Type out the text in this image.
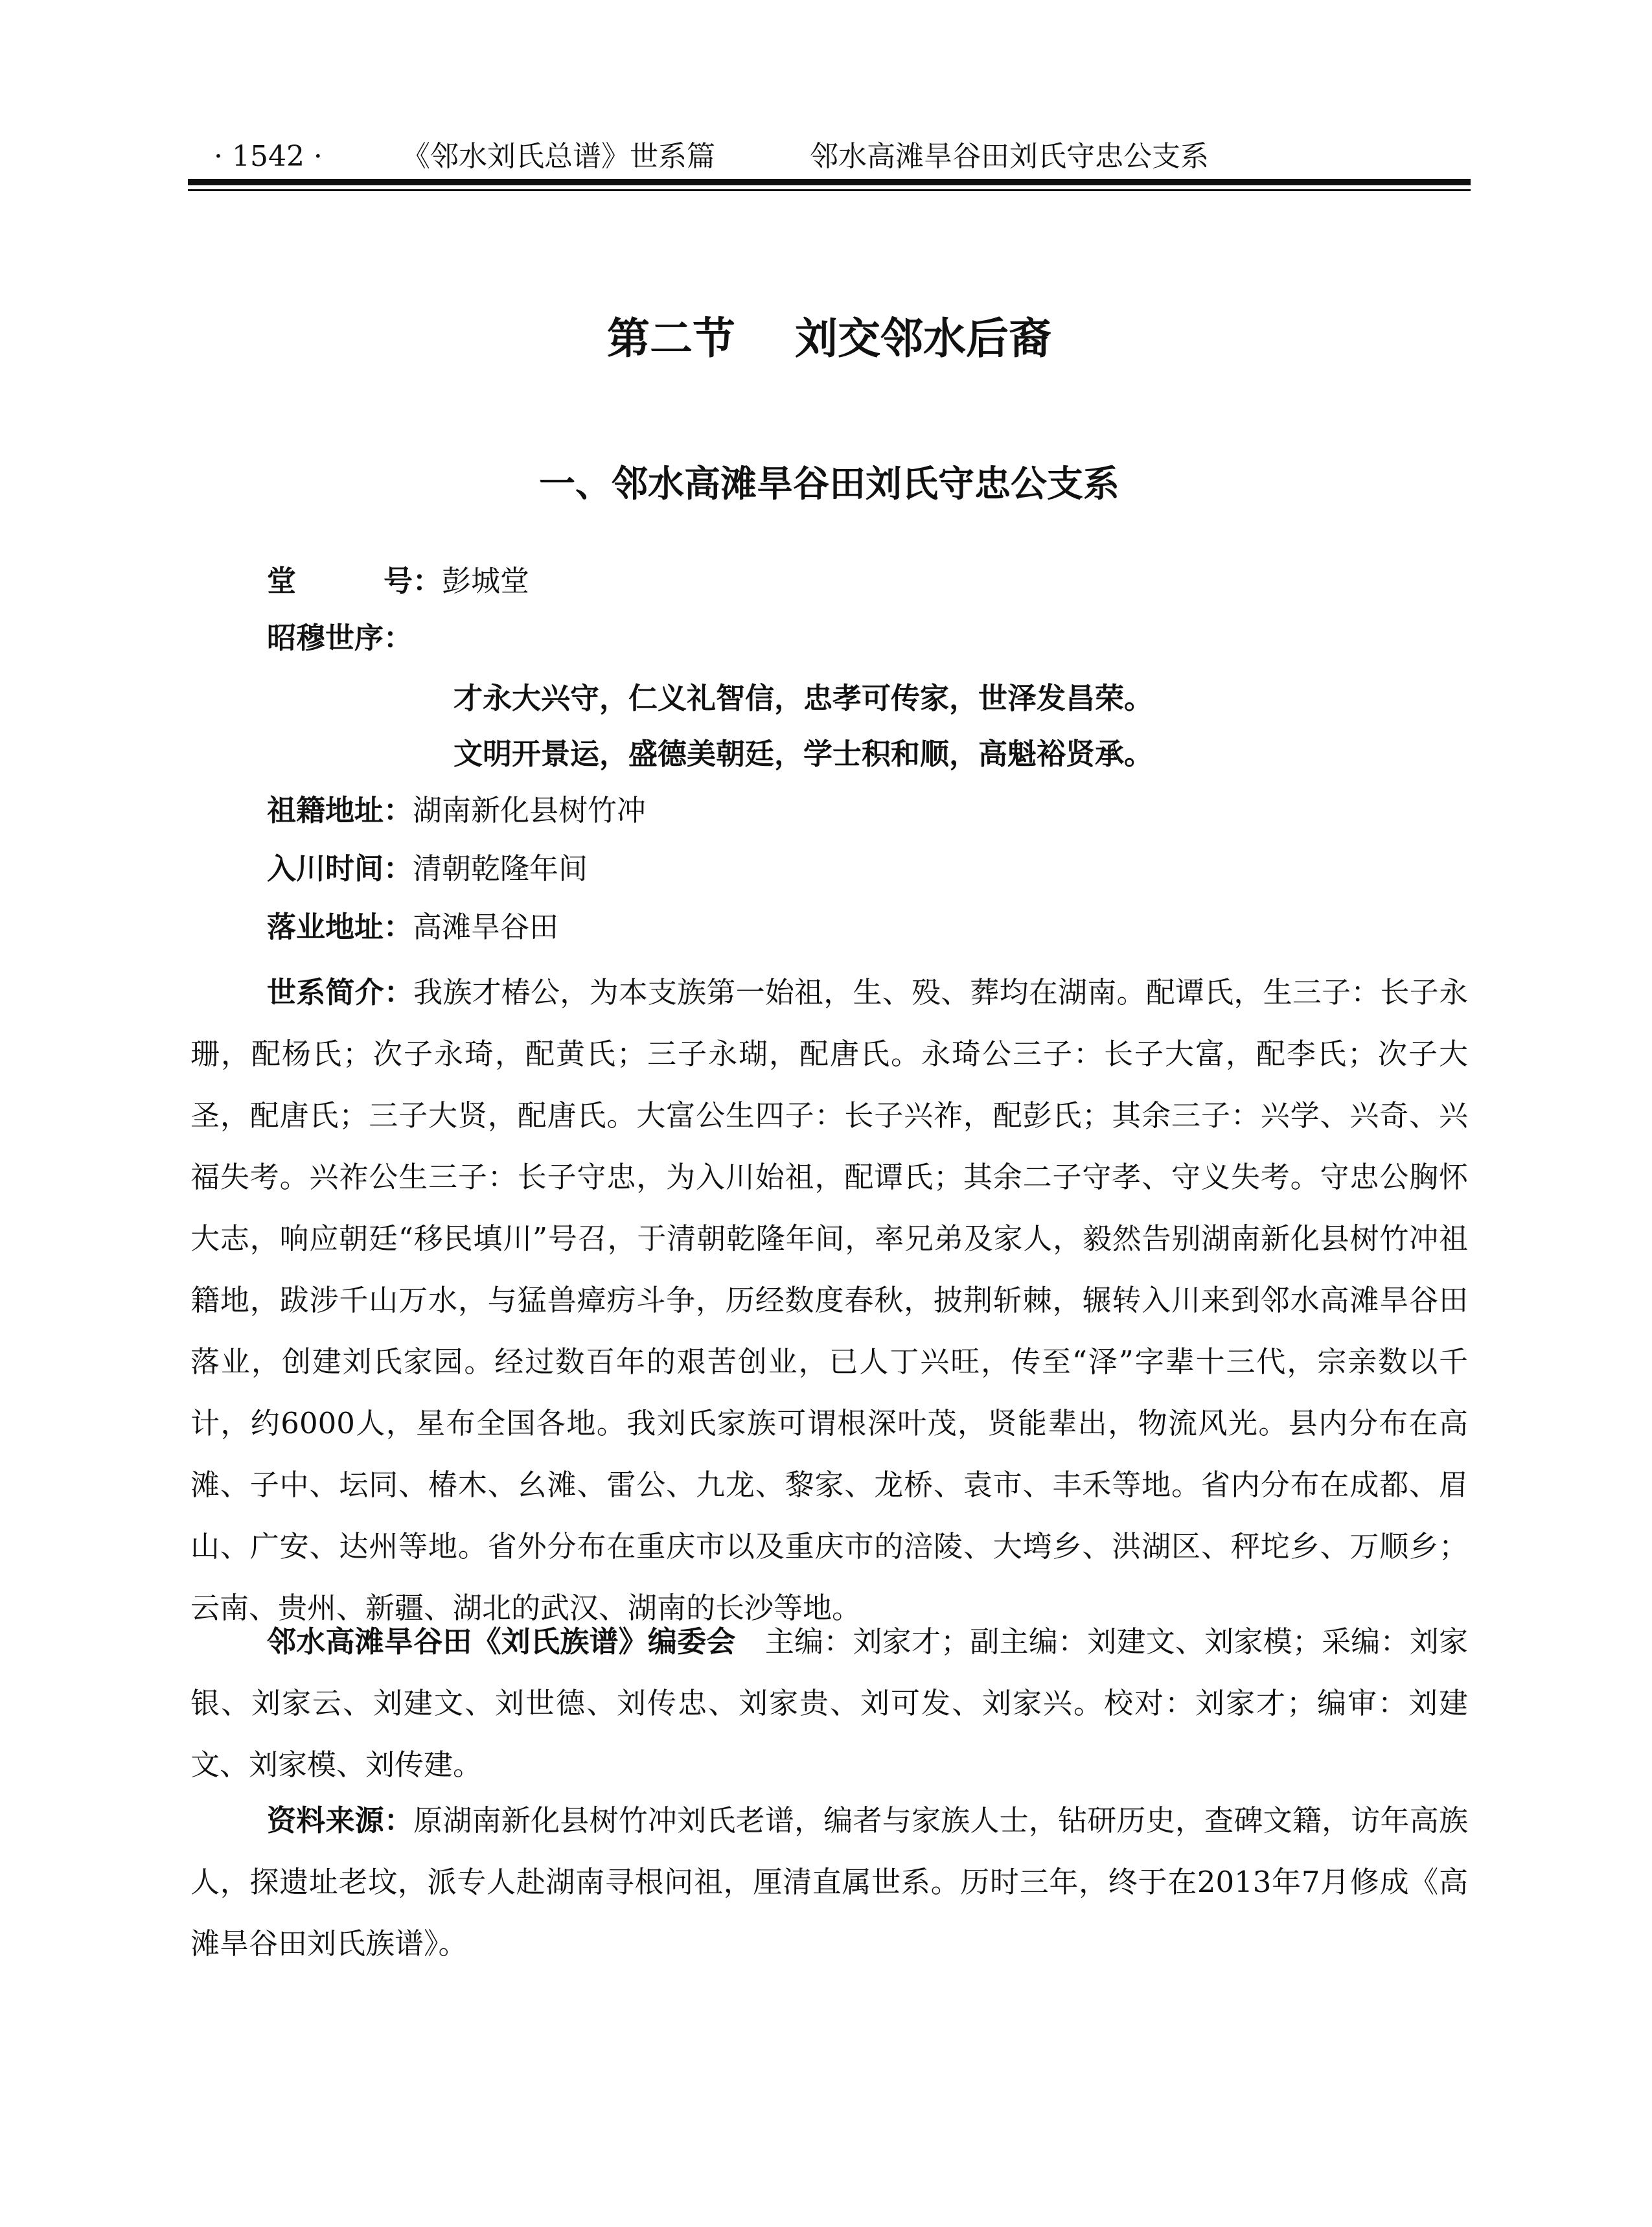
· 1542 ·	《邻水刘氏总谱》世系篇	邻水高滩旱谷田刘氏守忠公支系
第二节    刘交邻水后裔
一、邻水高滩旱谷田刘氏守忠公支系
堂号：彭城堂
昭穆世序：
才永大兴守，仁义礼智信，忠孝可传家，世泽发昌荣。
文明开景运，盛德美朝廷，学士积和顺，高魁裕贤承。
祖籍地址：湖南新化县树竹冲
入川时间：清朝乾隆年间
落业地址：高滩旱谷田

世系简介：我族才椿公，为本支族第一始祖，生、殁、葬均在湖南。配谭氏，生三子：长子永珊，配杨氏；次子永琦，配黄氏；三子永瑚，配唐氏。永琦公三子：长子大富，配李氏；次子大圣，配唐氏；三子大贤，配唐氏。大富公生四子：长子兴祚，配彭氏；其余三子：兴学、兴奇、兴福失考。兴祚公生三子：长子守忠，为入川始祖，配谭氏；其余二子守孝、守义失考。守忠公胸怀大志，响应朝廷“移民填川”号召，于清朝乾隆年间，率兄弟及家人，毅然告别湖南新化县树竹冲祖籍地，跋涉千山万水，与猛兽瘴疠斗争，历经数度春秋，披荆斩棘，辗转入川来到邻水高滩旱谷田落业，创建刘氏家园。经过数百年的艰苦创业，已人丁兴旺，传至“泽”字辈十三代，宗亲数以千计，约6000人，星布全国各地。我刘氏家族可谓根深叶茂，贤能辈出，物流风光。县内分布在高滩、子中、坛同、椿木、幺滩、雷公、九龙、黎家、龙桥、袁市、丰禾等地。省内分布在成都、眉山、广安、达州等地。省外分布在重庆市以及重庆市的涪陵、大塆乡、洪湖区、秤坨乡、万顺乡；云南、贵州、新疆、湖北的武汉、湖南的长沙等地。

邻水高滩旱谷田《刘氏族谱》编委会　 主编：刘家才；副主编：刘建文、刘家模；采编：刘家银、刘家云、刘建文、刘世德、刘传忠、刘家贵、刘可发、刘家兴。校对：刘家才；编审：刘建文、刘家模、刘传建。

资料来源：原湖南新化县树竹冲刘氏老谱，编者与家族人士，钻研历史，查碑文籍，访年高族人，探遗址老坟，派专人赴湖南寻根问祖，厘清直属世系。历时三年，终于在2013年7月修成《高滩旱谷田刘氏族谱》。
